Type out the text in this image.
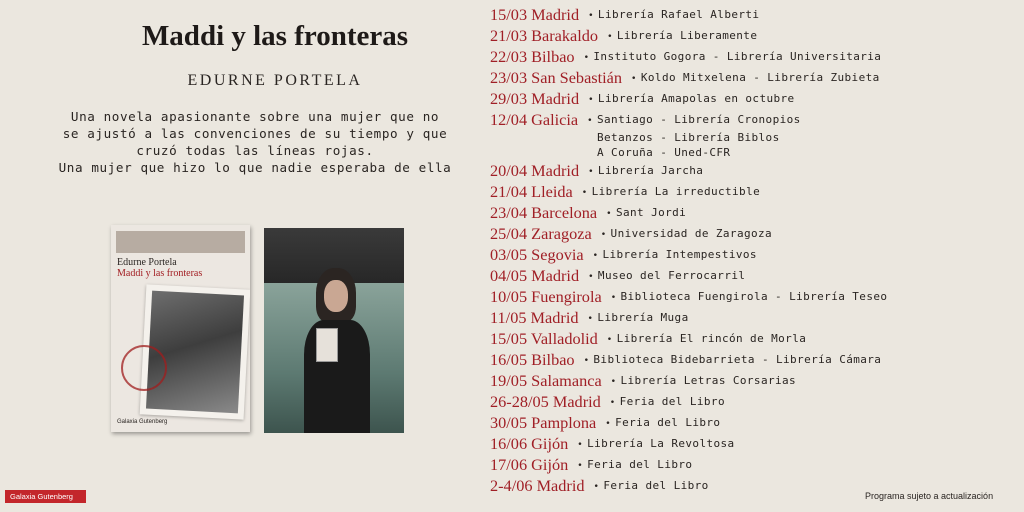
Maddi y las fronteras
EDURNE PORTELA
Una novela apasionante sobre una mujer que no
se ajustó a las convenciones de su tiempo y que
cruzó todas las líneas rojas.
Una mujer que hizo lo que nadie esperaba de ella
Edurne Portela
Maddi y las fronteras
Galaxia Gutenberg
15/03 Madrid • Librería Rafael Alberti
21/03 Barakaldo • Librería Liberamente
22/03 Bilbao • Instituto Gogora - Librería Universitaria
23/03 San Sebastián • Koldo Mitxelena - Librería Zubieta
29/03 Madrid • Librería Amapolas en octubre
12/04 Galicia • Santiago - Librería Cronopios
Betanzos - Librería Biblos
A Coruña - Uned-CFR
20/04 Madrid • Librería Jarcha
21/04 Lleida • Librería La irreductible
23/04 Barcelona • Sant Jordi
25/04 Zaragoza • Universidad de Zaragoza
03/05 Segovia • Librería Intempestivos
04/05 Madrid • Museo del Ferrocarril
10/05 Fuengirola • Biblioteca Fuengirola - Librería Teseo
11/05 Madrid • Librería Muga
15/05 Valladolid • Librería El rincón de Morla
16/05 Bilbao • Biblioteca Bidebarrieta - Librería Cámara
19/05 Salamanca • Librería Letras Corsarias
26-28/05 Madrid • Feria del Libro
30/05 Pamplona • Feria del Libro
16/06 Gijón • Librería La Revoltosa
17/06 Gijón • Feria del Libro
2-4/06 Madrid • Feria del Libro
Programa sujeto a actualización
Galaxia Gutenberg
